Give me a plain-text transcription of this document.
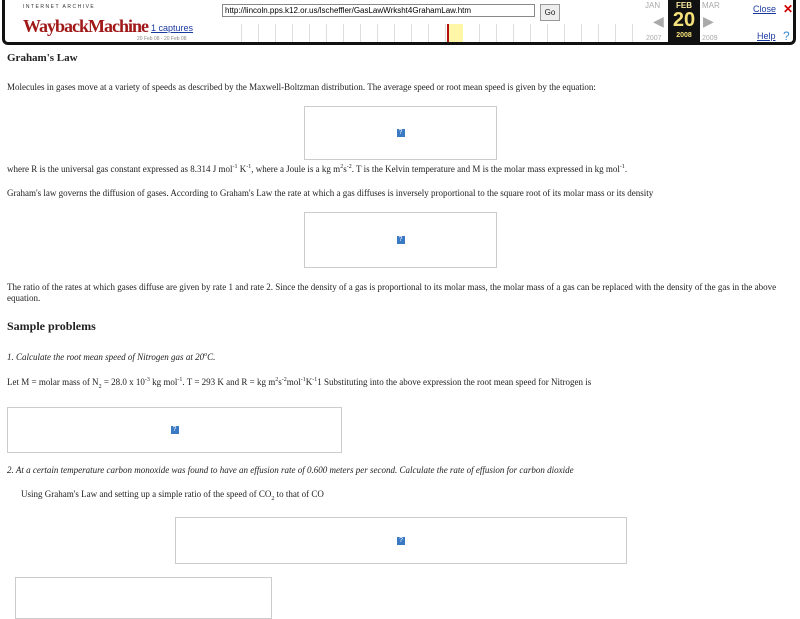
INTERNET ARCHIVE
WaybackMachine 1 captures
20 Feb 08 - 20 Feb 08
http://lincoln.pps.k12.or.us/lscheffler/GasLawWrksht4GrahamLaw.htm
Go
JAN	MAR
◀	▶
FEB
20
2008
2007	2009
Close ✕
Help ?
Graham's Law

Molecules in gases move at a variety of speeds as described by the Maxwell-Boltzman distribution. The average speed or root mean speed is given by the equation:

?

where R is the universal gas constant expressed as 8.314 J mol$^{-1}$ $K^{-1}$, where a Joule is a kg $m^2s^{-2}$. T is the Kelvin temperature and M is the molar mass expressed in kg mol$^{-1}$.

Graham's law governs the diffusion of gases. According to Graham's Law the rate at which a gas diffuses is inversely proportional to the square root of its molar mass or its density

?

The ratio of the rates at which gases diffuse are given by rate 1 and rate 2. Since the density of a gas is proportional to its molar mass, the molar mass of a gas can be replaced with the density of the gas in the above equation.

Sample problems

1. Calculate the root mean speed of Nitrogen gas at 20$^o$C.

Let M = molar mass of $N_2 = 28.0$ x $10^{-3}$ kg mol$^{-1}$. T = 293 K and R = kg $m^2s^{-2}mol^{-1}K^{-1}1$ Substituting into the above expression the root mean speed for Nitrogen is

?

2. At a certain temperature carbon monoxide was found to have an effusion rate of 0.600 meters per second. Calculate the rate of effusion for carbon dioxide

Using Graham's Law and setting up a simple ratio of the speed of $CO_2$ to that of CO

?
